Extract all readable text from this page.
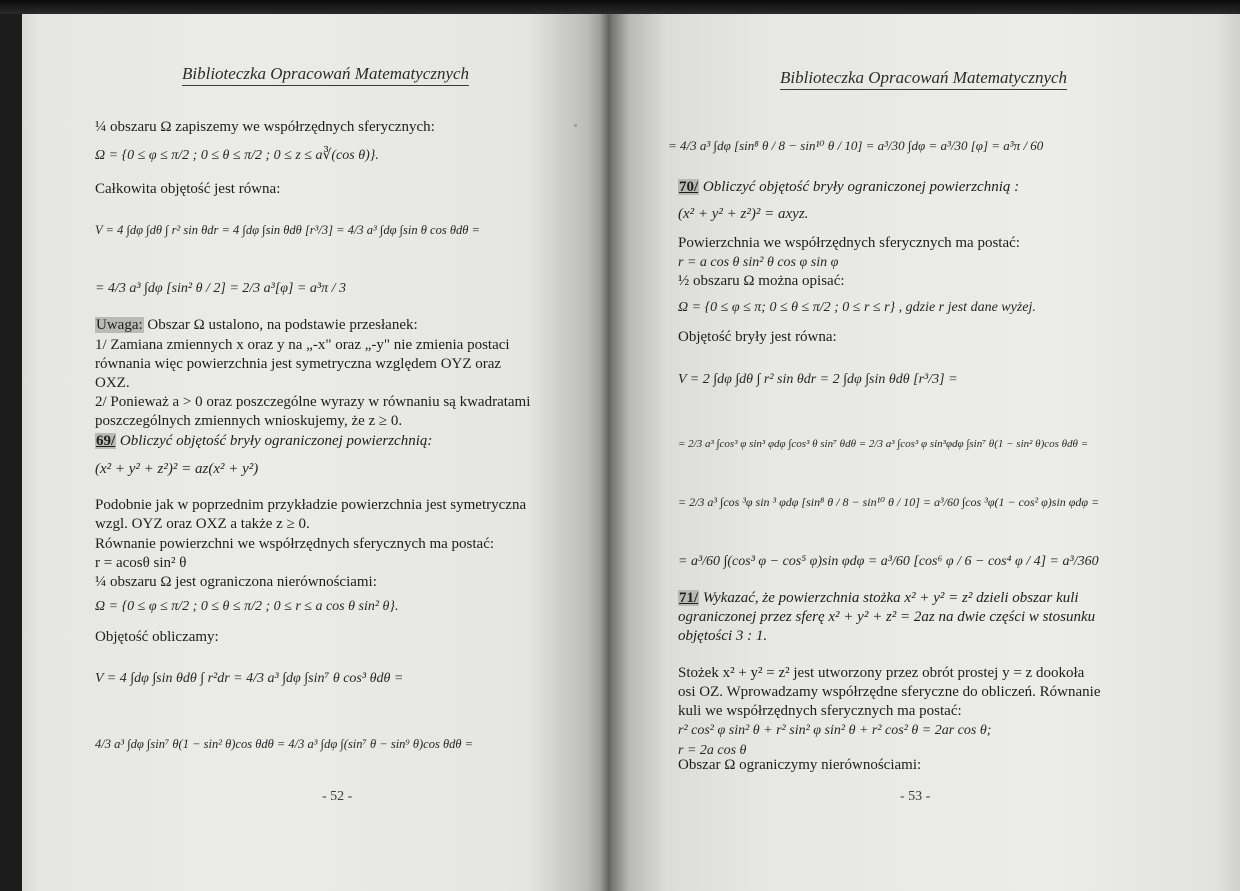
Biblioteczka Opracowań Matematycznych
¼ obszaru Ω zapiszemy we współrzędnych sferycznych:
Ω = {0 ≤ φ ≤ π/2 ; 0 ≤ θ ≤ π/2 ; 0 ≤ z ≤ a∛(cos θ)}.
Całkowita objętość jest równa:
V = 4 ∫dφ ∫dθ ∫ r² sin θdr = 4 ∫dφ ∫sin θdθ [r³/3] = 4/3 a³ ∫dφ ∫sin θ cos θdθ =
= 4/3 a³ ∫dφ [sin² θ / 2] = 2/3 a³[φ] = a³π / 3
Uwaga: Obszar Ω ustalono, na podstawie przesłanek:
1/ Zamiana zmiennych x oraz y na „-x" oraz „-y" nie zmienia postaci
równania więc powierzchnia jest symetryczna względem OYZ oraz
OXZ.
2/ Ponieważ a > 0 oraz poszczególne wyrazy w równaniu są kwadratami
poszczególnych zmiennych wnioskujemy, że z ≥ 0.
69/ Obliczyć objętość bryły ograniczonej powierzchnią:
(x² + y² + z²)² = az(x² + y²)
Podobnie jak w poprzednim przykładzie powierzchnia jest symetryczna
wzgl. OYZ oraz OXZ a także z ≥ 0.
Równanie powierzchni we współrzędnych sferycznych ma postać:
r = acosθ sin² θ
¼ obszaru Ω jest ograniczona nierównościami:
Ω = {0 ≤ φ ≤ π/2 ; 0 ≤ θ ≤ π/2 ; 0 ≤ r ≤ a cos θ sin² θ}.
Objętość obliczamy:
V = 4 ∫dφ ∫sin θdθ ∫ r²dr = 4/3 a³ ∫dφ ∫sin⁷ θ cos³ θdθ =
4/3 a³ ∫dφ ∫sin⁷ θ(1 − sin² θ)cos θdθ = 4/3 a³ ∫dφ ∫(sin⁷ θ − sin⁹ θ)cos θdθ =
- 52 -
Biblioteczka Opracowań Matematycznych
= 4/3 a³ ∫dφ [sin⁸ θ / 8 − sin¹⁰ θ / 10] = a³/30 ∫dφ = a³/30 [φ] = a³π / 60
70/ Obliczyć objętość bryły ograniczonej powierzchnią :
(x² + y² + z²)² = axyz.
Powierzchnia we współrzędnych sferycznych ma postać:
r = a cos θ sin² θ cos φ sin φ
½ obszaru Ω można opisać:
Ω = {0 ≤ φ ≤ π; 0 ≤ θ ≤ π/2 ; 0 ≤ r ≤ r} , gdzie r jest dane wyżej.
Objętość bryły jest równa:
V = 2 ∫dφ ∫dθ ∫ r² sin θdr = 2 ∫dφ ∫sin θdθ [r³/3] =
= 2/3 a³ ∫cos³ φ sin³ φdφ ∫cos³ θ sin⁷ θdθ = 2/3 a³ ∫cos³ φ sin³φdφ ∫sin⁷ θ(1 − sin² θ)cos θdθ =
= 2/3 a³ ∫cos ³φ sin ³ φdφ [sin⁸ θ / 8 − sin¹⁰ θ / 10] = a³/60 ∫cos ³φ(1 − cos² φ)sin φdφ =
= a³/60 ∫(cos³ φ − cos⁵ φ)sin φdφ = a³/60 [cos⁶ φ / 6 − cos⁴ φ / 4] = a³/360
71/ Wykazać, że powierzchnia stożka x² + y² = z² dzieli obszar kuli
ograniczonej przez sferę x² + y² + z² = 2az na dwie części w stosunku
objętości 3 : 1.
Stożek x² + y² = z² jest utworzony przez obrót prostej y = z dookoła
osi OZ. Wprowadzamy współrzędne sferyczne do obliczeń. Równanie
kuli we współrzędnych sferycznych ma postać:
r² cos² φ sin² θ + r² sin² φ sin² θ + r² cos² θ = 2ar cos θ;
r = 2a cos θ
Obszar Ω ograniczymy nierównościami:
- 53 -
